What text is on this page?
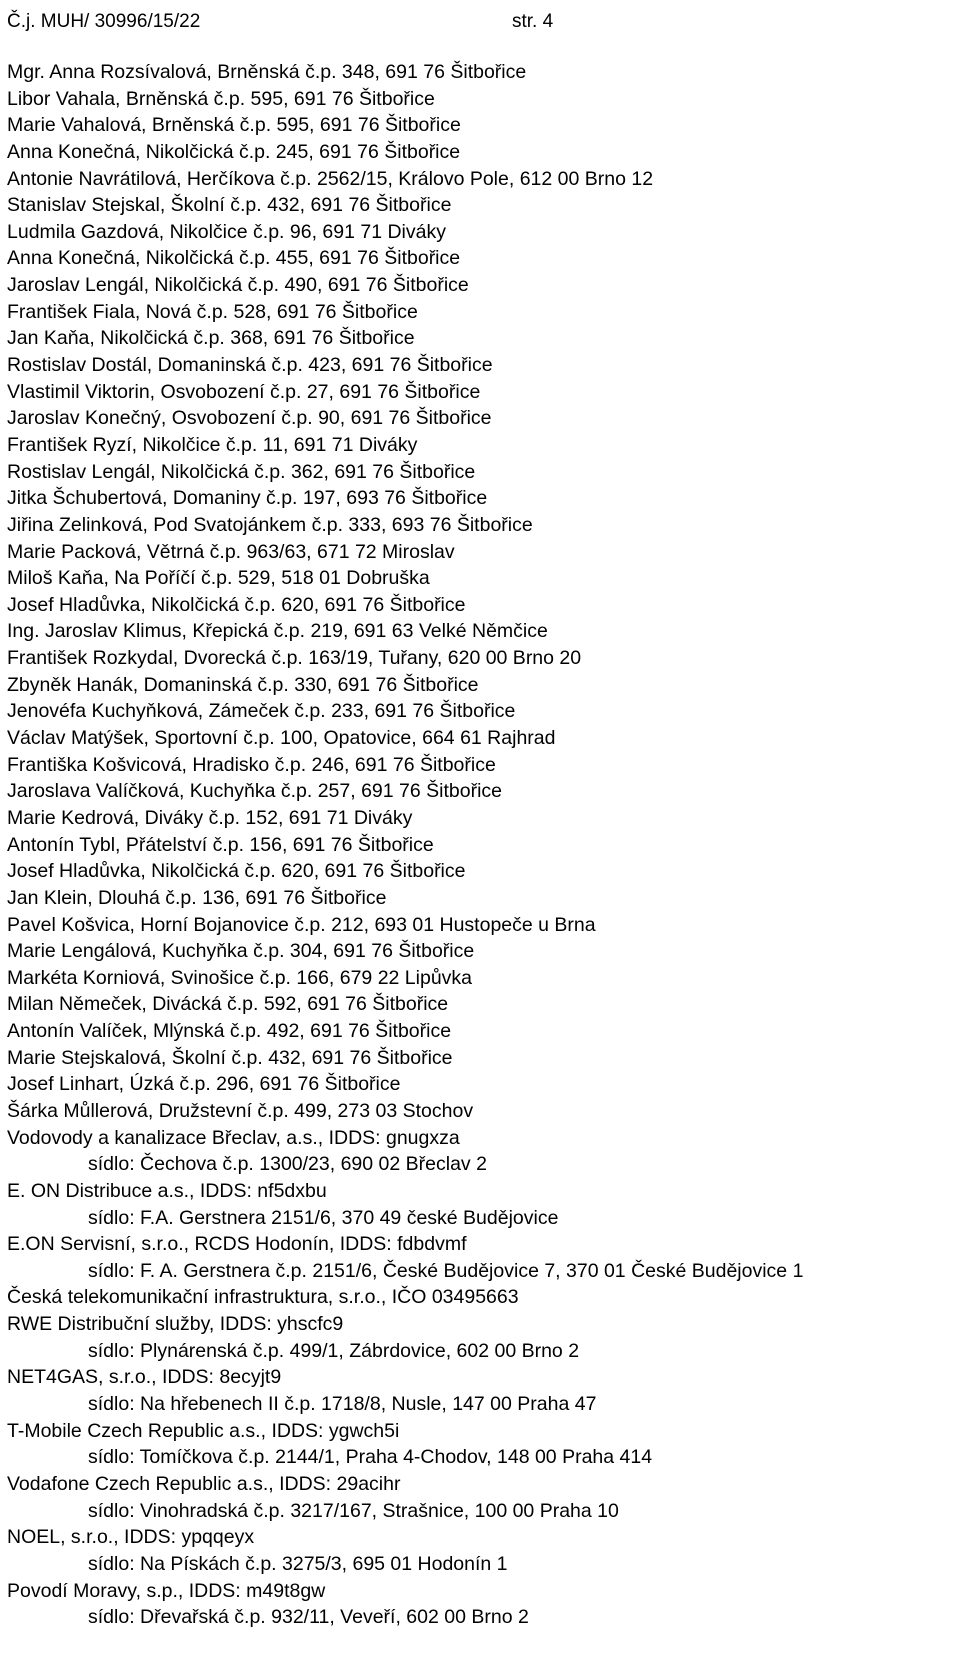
Č.j. MUH/ 30996/15/22	str. 4
Mgr. Anna Rozsívalová, Brněnská č.p. 348, 691 76 Šitbořice
Libor Vahala, Brněnská č.p. 595, 691 76 Šitbořice
Marie Vahalová, Brněnská č.p. 595, 691 76 Šitbořice
Anna Konečná, Nikolčická č.p. 245, 691 76 Šitbořice
Antonie Navrátilová, Herčíkova č.p. 2562/15, Královo Pole, 612 00 Brno 12
Stanislav Stejskal, Školní č.p. 432, 691 76 Šitbořice
Ludmila Gazdová, Nikolčice č.p. 96, 691 71 Diváky
Anna Konečná, Nikolčická č.p. 455, 691 76 Šitbořice
Jaroslav Lengál, Nikolčická č.p. 490, 691 76 Šitbořice
František Fiala, Nová č.p. 528, 691 76 Šitbořice
Jan Kaňa, Nikolčická č.p. 368, 691 76 Šitbořice
Rostislav Dostál, Domaninská č.p. 423, 691 76 Šitbořice
Vlastimil Viktorin, Osvobození č.p. 27, 691 76 Šitbořice
Jaroslav Konečný, Osvobození č.p. 90, 691 76 Šitbořice
František Ryzí, Nikolčice č.p. 11, 691 71 Diváky
Rostislav Lengál, Nikolčická č.p. 362, 691 76 Šitbořice
Jitka Šchubertová, Domaniny č.p. 197, 693 76 Šitbořice
Jiřina Zelinková, Pod Svatojánkem č.p. 333, 693 76 Šitbořice
Marie Packová, Větrná č.p. 963/63, 671 72 Miroslav
Miloš Kaňa, Na Poříčí č.p. 529, 518 01 Dobruška
Josef Hladůvka, Nikolčická č.p. 620, 691 76 Šitbořice
Ing. Jaroslav Klimus, Křepická č.p. 219, 691 63 Velké Němčice
František Rozkydal, Dvorecká č.p. 163/19, Tuřany, 620 00 Brno 20
Zbyněk Hanák, Domaninská č.p. 330, 691 76 Šitbořice
Jenovéfa Kuchyňková, Zámeček č.p. 233, 691 76 Šitbořice
Václav Matýšek, Sportovní č.p. 100, Opatovice, 664 61 Rajhrad
Františka Košvicová, Hradisko č.p. 246, 691 76 Šitbořice
Jaroslava Valíčková, Kuchyňka č.p. 257, 691 76 Šitbořice
Marie Kedrová, Diváky č.p. 152, 691 71 Diváky
Antonín Tybl, Přátelství č.p. 156, 691 76 Šitbořice
Josef Hladůvka, Nikolčická č.p. 620, 691 76 Šitbořice
Jan Klein, Dlouhá č.p. 136, 691 76 Šitbořice
Pavel Košvica, Horní Bojanovice č.p. 212, 693 01 Hustopeče u Brna
Marie Lengálová, Kuchyňka č.p. 304, 691 76 Šitbořice
Markéta Korniová, Svinošice č.p. 166, 679 22 Lipůvka
Milan Němeček, Divácká č.p. 592, 691 76 Šitbořice
Antonín Valíček, Mlýnská č.p. 492, 691 76 Šitbořice
Marie Stejskalová, Školní č.p. 432, 691 76 Šitbořice
Josef Linhart, Úzká č.p. 296, 691 76 Šitbořice
Šárka Můllerová, Družstevní č.p. 499, 273 03 Stochov
Vodovody a kanalizace Břeclav, a.s., IDDS: gnugxza
sídlo: Čechova č.p. 1300/23, 690 02 Břeclav 2
E. ON Distribuce a.s., IDDS: nf5dxbu
sídlo: F.A. Gerstnera 2151/6, 370 49 české Budějovice
E.ON Servisní, s.r.o., RCDS Hodonín, IDDS: fdbdvmf
sídlo: F. A. Gerstnera č.p. 2151/6, České Budějovice 7, 370 01 České Budějovice 1
Česká telekomunikační infrastruktura, s.r.o., IČO 03495663
RWE Distribuční služby, IDDS: yhscfc9
sídlo: Plynárenská č.p. 499/1, Zábrdovice, 602 00 Brno 2
NET4GAS, s.r.o., IDDS: 8ecyjt9
sídlo: Na hřebenech II č.p. 1718/8, Nusle, 147 00 Praha 47
T-Mobile Czech Republic a.s., IDDS: ygwch5i
sídlo: Tomíčkova č.p. 2144/1, Praha 4-Chodov, 148 00 Praha 414
Vodafone Czech Republic a.s., IDDS: 29acihr
sídlo: Vinohradská č.p. 3217/167, Strašnice, 100 00 Praha 10
NOEL, s.r.o., IDDS: ypqqeyx
sídlo: Na Pískách č.p. 3275/3, 695 01 Hodonín 1
Povodí Moravy, s.p., IDDS: m49t8gw
sídlo: Dřevařská č.p. 932/11, Veveří, 602 00 Brno 2
